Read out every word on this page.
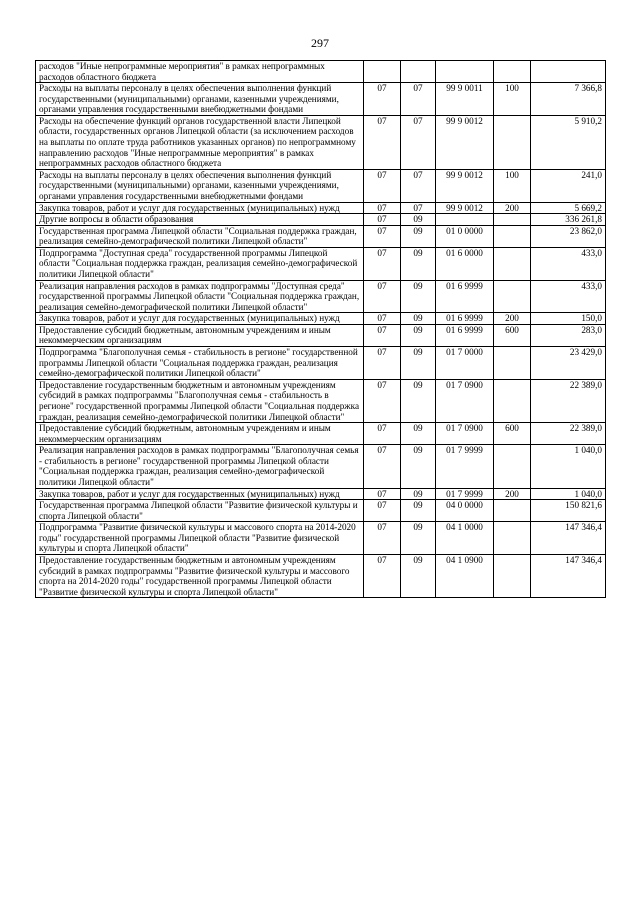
297
расходов "Иные непрограммные мероприятия" в рамках непрограммных расходов областного бюджета					
Расходы на выплаты персоналу в целях обеспечения выполнения функций государственными (муниципальными) органами, казенными учреждениями, органами управления государственными внебюджетными фондами	07	07	99 9 0011	100	7 366,8
Расходы на обеспечение функций органов государственной власти Липецкой области, государственных органов Липецкой области (за исключением расходов на выплаты по оплате труда работников указанных органов) по непрограммному направлению расходов "Иные непрограммные мероприятия" в рамках непрограммных расходов областного бюджета	07	07	99 9 0012		5 910,2
Расходы на выплаты персоналу в целях обеспечения выполнения функций государственными (муниципальными) органами, казенными учреждениями, органами управления государственными внебюджетными фондами	07	07	99 9 0012	100	241,0
Закупка товаров, работ и услуг для государственных (муниципальных) нужд	07	07	99 9 0012	200	5 669,2
Другие вопросы в области образования	07	09			336 261,8
Государственная программа Липецкой области "Социальная поддержка граждан, реализация семейно-демографической политики Липецкой области"	07	09	01 0 0000		23 862,0
Подпрограмма "Доступная среда" государственной программы Липецкой области "Социальная поддержка граждан, реализация семейно-демографической политики Липецкой области"	07	09	01 6 0000		433,0
Реализация направления расходов в рамках подпрограммы "Доступная среда" государственной программы Липецкой области "Социальная поддержка граждан, реализация семейно-демографической политики Липецкой области"	07	09	01 6 9999		433,0
Закупка товаров, работ и услуг для государственных (муниципальных) нужд	07	09	01 6 9999	200	150,0
Предоставление субсидий бюджетным, автономным учреждениям и иным некоммерческим организациям	07	09	01 6 9999	600	283,0
Подпрограмма "Благополучная семья - стабильность в регионе" государственной программы Липецкой области "Социальная поддержка граждан, реализация семейно-демографической политики Липецкой области"	07	09	01 7 0000		23 429,0
Предоставление государственным бюджетным и автономным учреждениям субсидий в рамках подпрограммы "Благополучная семья - стабильность в регионе" государственной программы Липецкой области "Социальная поддержка граждан, реализация семейно-демографической политики Липецкой области"	07	09	01 7 0900		22 389,0
Предоставление субсидий бюджетным, автономным учреждениям и иным некоммерческим организациям	07	09	01 7 0900	600	22 389,0
Реализация направления расходов в рамках подпрограммы "Благополучная семья - стабильность в регионе" государственной программы Липецкой области "Социальная поддержка граждан, реализация семейно-демографической политики Липецкой области"	07	09	01 7 9999		1 040,0
Закупка товаров, работ и услуг для государственных (муниципальных) нужд	07	09	01 7 9999	200	1 040,0
Государственная программа Липецкой области "Развитие физической культуры и спорта Липецкой области"	07	09	04 0 0000		150 821,6
Подпрограмма "Развитие физической культуры и массового спорта на 2014-2020 годы" государственной программы Липецкой области "Развитие физической культуры и спорта Липецкой области"	07	09	04 1 0000		147 346,4
Предоставление государственным бюджетным и автономным учреждениям субсидий в рамках подпрограммы "Развитие физической культуры и массового спорта на 2014-2020 годы" государственной программы Липецкой области "Развитие физической культуры и спорта Липецкой области"	07	09	04 1 0900		147 346,4
